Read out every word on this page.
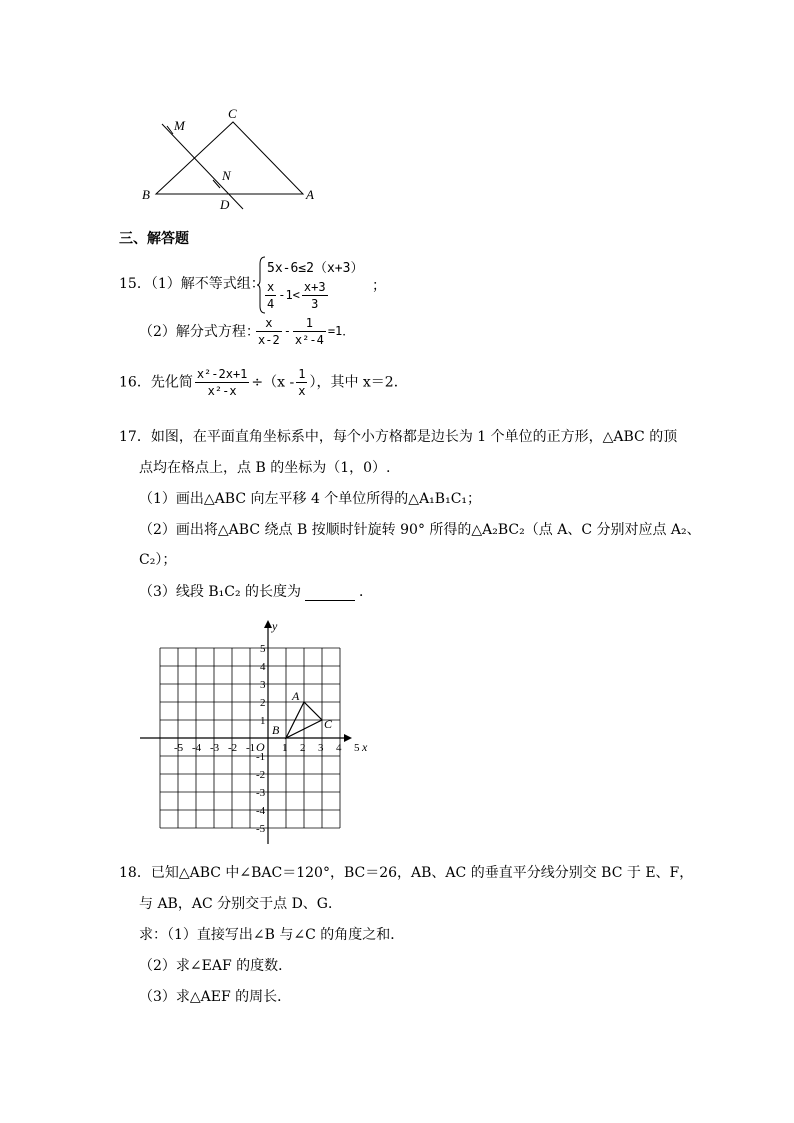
M
C
N
B
D
A
三、解答题
15．（1）解不等式组：
5x-6≤2（x+3）
$\frac{x}{4} -1< \frac{x+3}{3}$	；
（2）解分式方程：
$\frac{x}{x-2} - \frac{1}{\text{x²-4}} =1$．
16．先化简 $\frac{\text{x²-2x+1}}{\text{x²-x}} \div(x - \frac{1}{x}$ ），其中 x＝2．
17．如图，在平面直角坐标系中，每个小方格都是边长为 1 个单位的正方形，△ABC 的顶
点均在格点上，点 B 的坐标为（1，0）.
（1）画出△ABC 向左平移 4 个单位所得的△A₁B₁C₁；
（2）画出将△ABC 绕点 B 按顺时针旋转 90° 所得的△A₂BC₂（点 A、C 分别对应点 A₂、
C₂）；
（3）线段 B₁C₂ 的长度为	．
-5 -4 -3 -2 -1 1 2 3 4 5
5
4
3
2
1
-1
-2
-3
-4
-5
A
B	C
O	x
y
18．已知△ABC 中∠BAC＝120°，BC＝26，AB、AC 的垂直平分线分别交 BC 于 E、F，
与 AB，AC 分别交于点 D、G．
求：（1）直接写出∠B 与∠C 的角度之和．
（2）求∠EAF 的度数．
（3）求△AEF 的周长．
